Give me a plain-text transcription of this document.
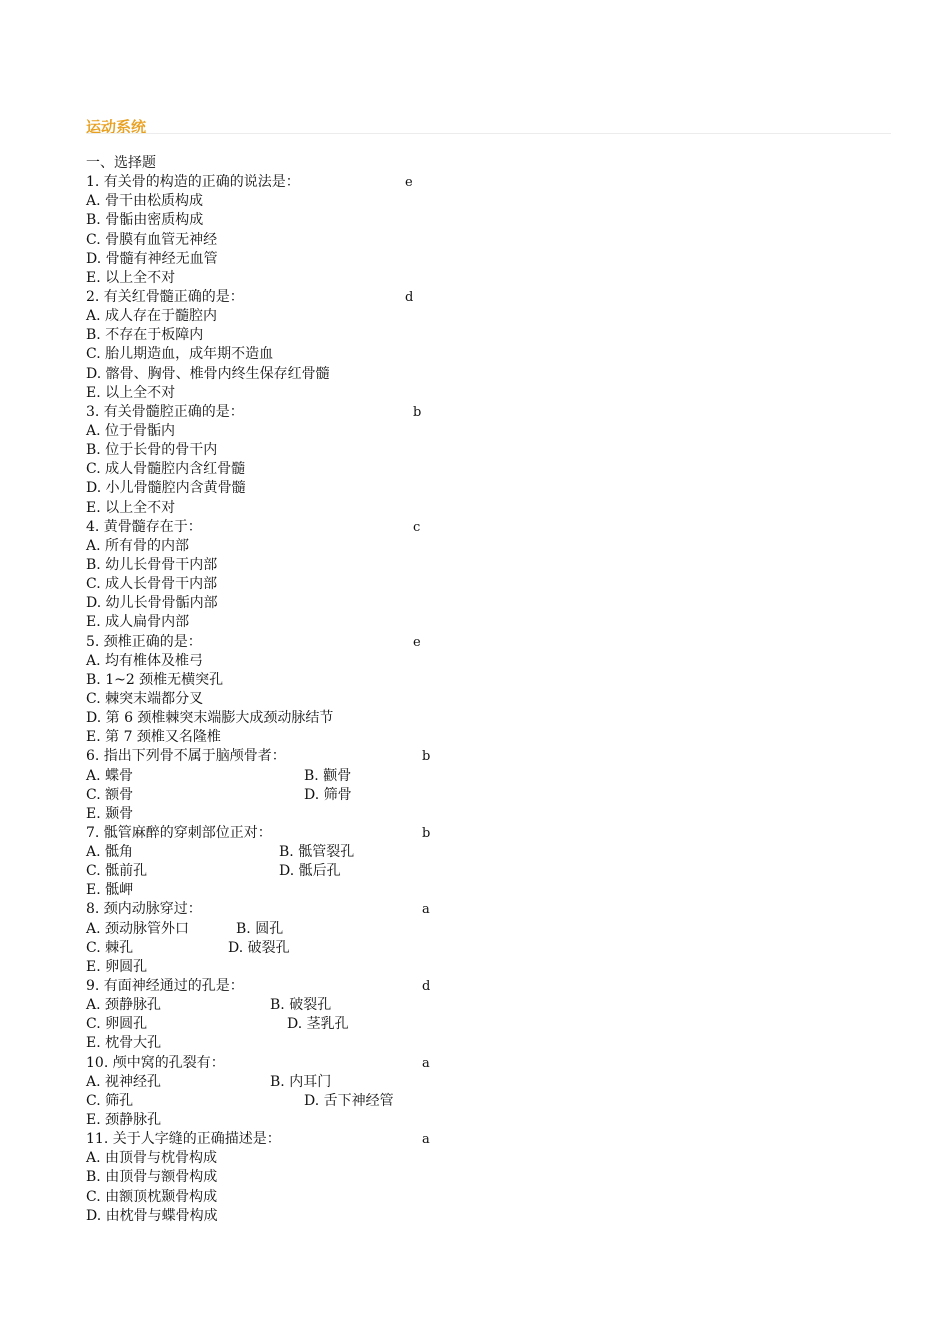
运动系统
一、选择题
1. 有关骨的构造的正确的说法是：	e
A. 骨干由松质构成
B. 骨骺由密质构成
C. 骨膜有血管无神经
D. 骨髓有神经无血管
E. 以上全不对
2. 有关红骨髓正确的是：	d
A. 成人存在于髓腔内
B. 不存在于板障内
C. 胎儿期造血，成年期不造血
D. 髂骨、胸骨、椎骨内终生保存红骨髓
E. 以上全不对
3. 有关骨髓腔正确的是：	b
A. 位于骨骺内
B. 位于长骨的骨干内
C. 成人骨髓腔内含红骨髓
D. 小儿骨髓腔内含黄骨髓
E. 以上全不对
4. 黄骨髓存在于：	c
A. 所有骨的内部
B. 幼儿长骨骨干内部
C. 成人长骨骨干内部
D. 幼儿长骨骨骺内部
E. 成人扁骨内部
5. 颈椎正确的是：	e
A. 均有椎体及椎弓
B. 1~2 颈椎无横突孔
C. 棘突末端都分叉
D. 第 6 颈椎棘突末端膨大成颈动脉结节
E. 第 7 颈椎又名隆椎
6. 指出下列骨不属于脑颅骨者：	b
A. 蝶骨	B. 颧骨
C. 额骨	D. 筛骨
E. 颞骨
7. 骶管麻醉的穿刺部位正对：	b
A. 骶角	B. 骶管裂孔
C. 骶前孔	D. 骶后孔
E. 骶岬
8. 颈内动脉穿过：	a
A. 颈动脉管外口	B. 圆孔
C. 棘孔	D. 破裂孔
E. 卵圆孔
9. 有面神经通过的孔是：	d
A. 颈静脉孔	B. 破裂孔
C. 卵圆孔	D. 茎乳孔
E. 枕骨大孔
10. 颅中窝的孔裂有：	a
A. 视神经孔	B. 内耳门
C. 筛孔	D. 舌下神经管
E. 颈静脉孔
11. 关于人字缝的正确描述是：	a
A. 由顶骨与枕骨构成
B. 由顶骨与额骨构成
C. 由额顶枕颞骨构成
D. 由枕骨与蝶骨构成
